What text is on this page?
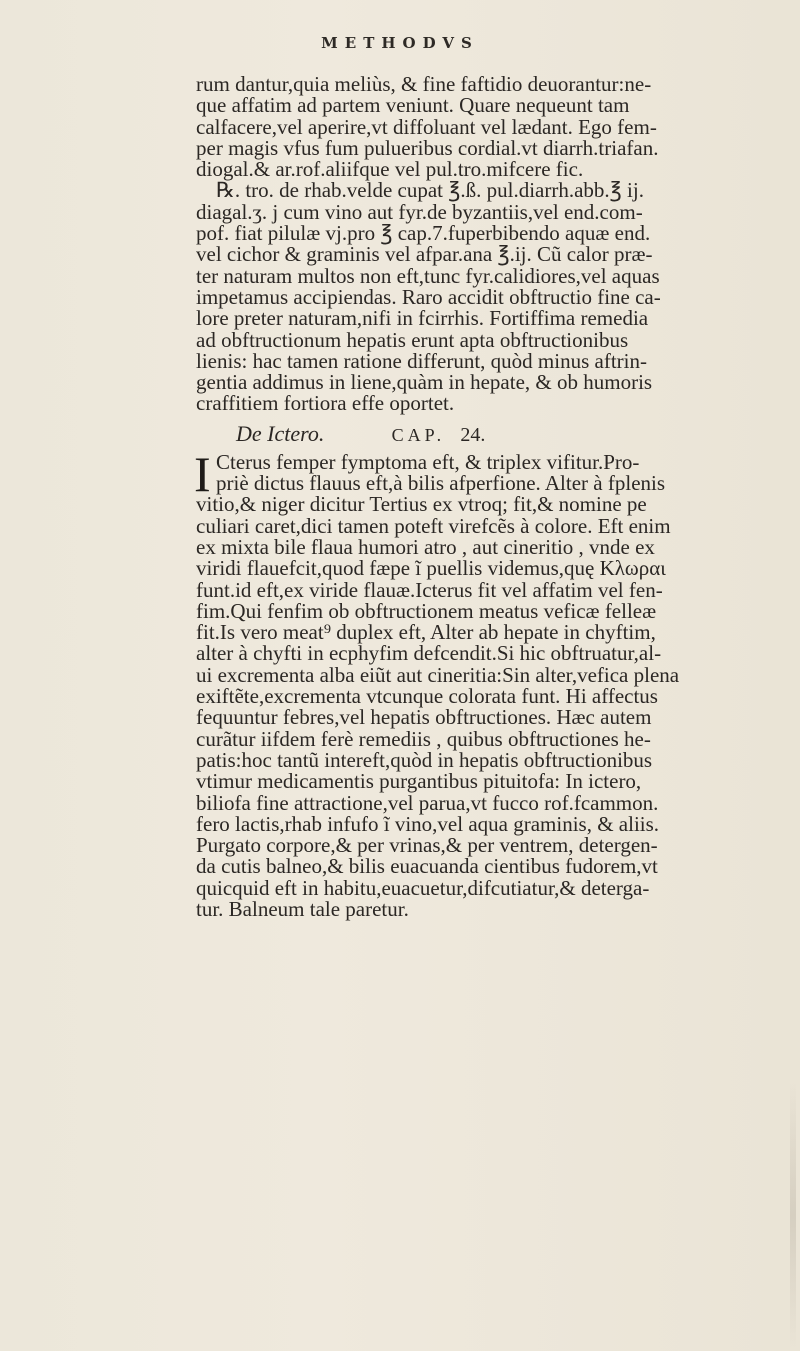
METHODVS
rum dantur,quia meliùs, & fine faftidio deuorantur:ne-
que affatim ad partem veniunt. Quare nequeunt tam
calfacere,vel aperire,vt diffoluant vel lædant. Ego fem-
per magis vfus fum pulueribus cordial.vt diarrh.triafan.
diogal.& ar.rof.aliifque vel pul.tro.mifcere fic.
℞. tro. de rhab.velde cupat ℥.ß. pul.diarrh.abb.℥ ij.
diagal.ʒ. j cum vino aut fyr.de byzantiis,vel end.com-
pof. fiat pilulæ vj.pro ℥ cap.7.fuperbibendo aquæ end.
vel cichor & graminis vel afpar.ana ℥.ij. Cũ calor præ-
ter naturam multos non eft,tunc fyr.calidiores,vel aquas
impetamus accipiendas. Raro accidit obftructio fine ca-
lore preter naturam,nifi in fcirrhis. Fortiffima remedia
ad obftructionum hepatis erunt apta obftructionibus
lienis: hac tamen ratione differunt, quòd minus aftrin-
gentia addimus in liene,quàm in hepate, & ob humoris
craffitiem fortiora effe oportet.
De Ictero.	CAP. 24.
I Cterus femper fymptoma eft, & triplex vifitur.Pro-
priè dictus flauus eft,à bilis afperfione. Alter à fplenis
vitio,& niger dicitur Tertius ex vtroq; fit,& nomine pe
culiari caret,dici tamen poteft virefcẽs à colore. Eft enim
ex mixta bile flaua humori atro , aut cineritio , vnde ex
viridi flauefcit,quod fæpe ĩ puellis videmus,quę Κλωραι
funt.id eft,ex viride flauæ.Icterus fit vel affatim vel fen-
fim.Qui fenfim ob obftructionem meatus veficæ felleæ
fit.Is vero meat⁹ duplex eft, Alter ab hepate in chyftim,
alter à chyfti in ecphyfim defcendit.Si hic obftruatur,al-
ui excrementa alba eiũt aut cineritia:Sin alter,vefica plena
exiftẽte,excrementa vtcunque colorata funt. Hi affectus
fequuntur febres,vel hepatis obftructiones. Hæc autem
curãtur iifdem ferè remediis , quibus obftructiones he-
patis:hoc tantũ intereft,quòd in hepatis obftructionibus
vtimur medicamentis purgantibus pituitofa: In ictero,
biliofa fine attractione,vel parua,vt fucco rof.fcammon.
fero lactis,rhab infufo ĩ vino,vel aqua graminis, & aliis.
Purgato corpore,& per vrinas,& per ventrem, detergen-
da cutis balneo,& bilis euacuanda cientibus fudorem,vt
quicquid eft in habitu,euacuetur,difcutiatur,& deterga-
tur. Balneum tale paretur.
